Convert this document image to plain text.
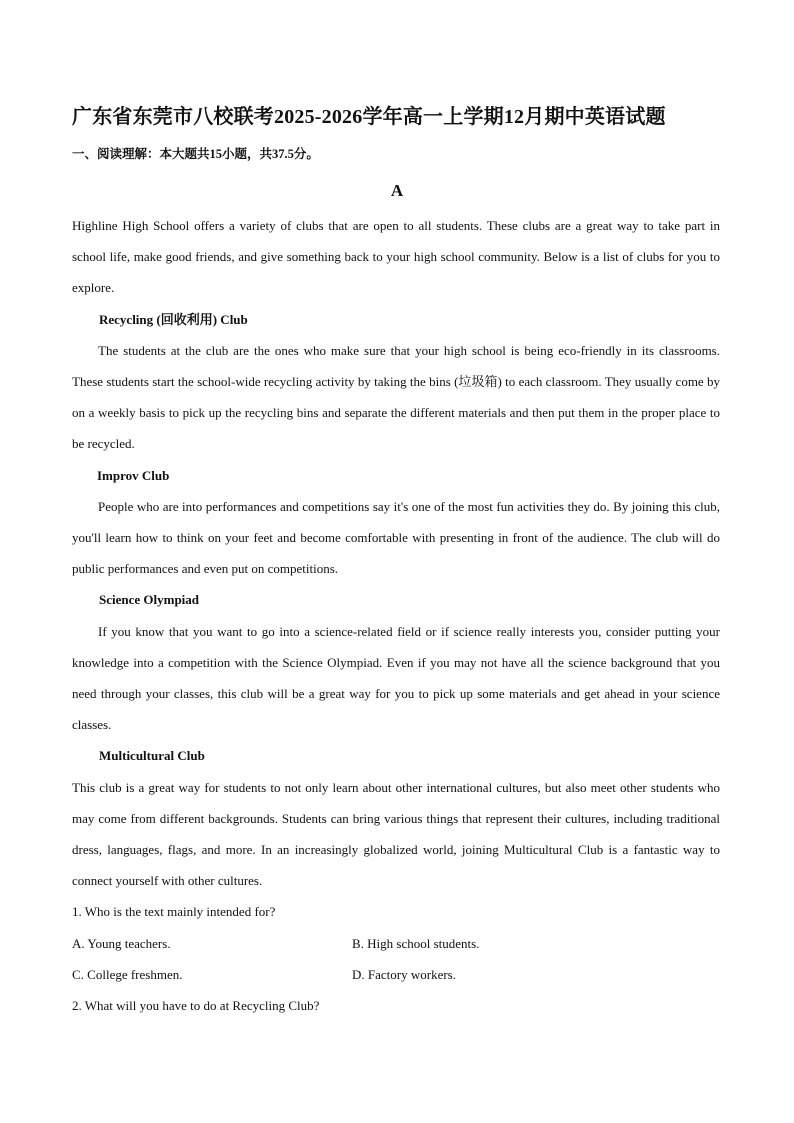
广东省东莞市八校联考2025-2026学年高一上学期12月期中英语试题
一、阅读理解：本大题共15小题，共37.5分。
A

Highline High School offers a variety of clubs that are open to all students. These clubs are a great way to take part in school life, make good friends, and give something back to your high school community. Below is a list of clubs for you to explore.

Recycling (回收利用) Club

The students at the club are the ones who make sure that your high school is being eco-friendly in its classrooms. These students start the school-wide recycling activity by taking the bins (垃圾箱) to each classroom. They usually come by on a weekly basis to pick up the recycling bins and separate the different materials and then put them in the proper place to be recycled.

Improv Club

People who are into performances and competitions say it's one of the most fun activities they do. By joining this club, you'll learn how to think on your feet and become comfortable with presenting in front of the audience. The club will do public performances and even put on competitions.

Science Olympiad

If you know that you want to go into a science-related field or if science really interests you, consider putting your knowledge into a competition with the Science Olympiad. Even if you may not have all the science background that you need through your classes, this club will be a great way for you to pick up some materials and get ahead in your science classes.

Multicultural Club

This club is a great way for students to not only learn about other international cultures, but also meet other students who may come from different backgrounds. Students can bring various things that represent their cultures, including traditional dress, languages, flags, and more. In an increasingly globalized world, joining Multicultural Club is a fantastic way to connect yourself with other cultures.

1. Who is the text mainly intended for?

A. Young teachers.	B. High school students.
C. College freshmen.	D. Factory workers.

2. What will you have to do at Recycling Club?
